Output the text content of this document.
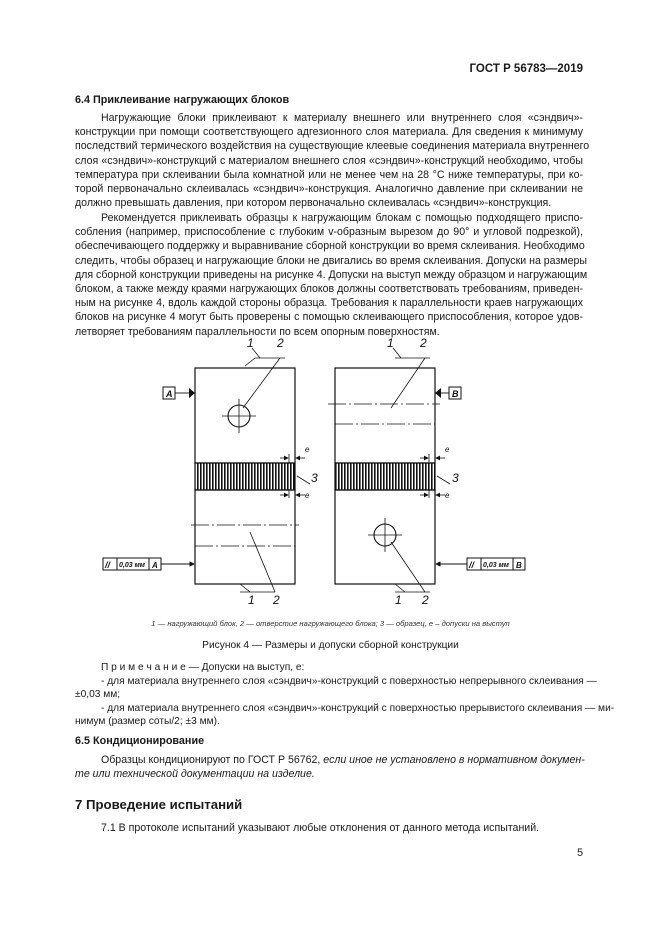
ГОСТ Р 56783—2019
6.4 Приклеивание нагружающих блоков
Нагружающие блоки приклеивают к материалу внешнего или внутреннего слоя «сэндвич»-
конструкции при помощи соответствующего адгезионного слоя материала. Для сведения к минимуму
последствий термического воздействия на существующие клеевые соединения материала внутреннего
слоя «сэндвич»-конструкций с материалом внешнего слоя «сэндвич»-конструкций необходимо, чтобы
температура при склеивании была комнатной или не менее чем на 28 °С ниже температуры, при ко-
торой первоначально склеивалась «сэндвич»-конструкция. Аналогично давление при склеивании не
должно превышать давления, при котором первоначально склеивалась «сэндвич»-конструкция.
Рекомендуется приклеивать образцы к нагружающим блокам с помощью подходящего приспо-
собления (например, приспособление с глубоким v-образным вырезом до 90° и угловой подрезкой),
обеспечивающего поддержку и выравнивание сборной конструкции во время склеивания. Необходимо
следить, чтобы образец и нагружающие блоки не двигались во время склеивания. Допуски на размеры
для сборной конструкции приведены на рисунке 4. Допуски на выступ между образцом и нагружающим
блоком, а также между краями нагружающих блоков должны соответствовать требованиям, приведен-
ным на рисунке 4, вдоль каждой стороны образца. Требования к параллельности краев нагружающих
блоков на рисунке 4 могут быть проверены с помощью склеивающего приспособления, которое удов-
летворяет требованиям параллельности по всем опорным поверхностям.
1 2	1 2
1 2	1 2
3	3
e
e
e
e
А	В
// 0,03 мм А	// 0,03 мм В
1 — нагружающий блок, 2 — отверстие нагружающего блока; 3 — образец, е – допуски на выступ
Рисунок 4 — Размеры и допуски сборной конструкции
П р и м е ч а н и е — Допуски на выступ, е:
- для материала внутреннего слоя «сэндвич»-конструкций с поверхностью непрерывного склеивания —
±0,03 мм;
- для материала внутреннего слоя «сэндвич»-конструкций с поверхностью прерывистого склеивания — ми-
нимум (размер соты/2; ±3 мм).
6.5 Кондиционирование
Образцы кондиционируют по ГОСТ Р 56762, если иное не установлено в нормативном докумен-
те или технической документации на изделие.
7 Проведение испытаний
7.1 В протоколе испытаний указывают любые отклонения от данного метода испытаний.
5
